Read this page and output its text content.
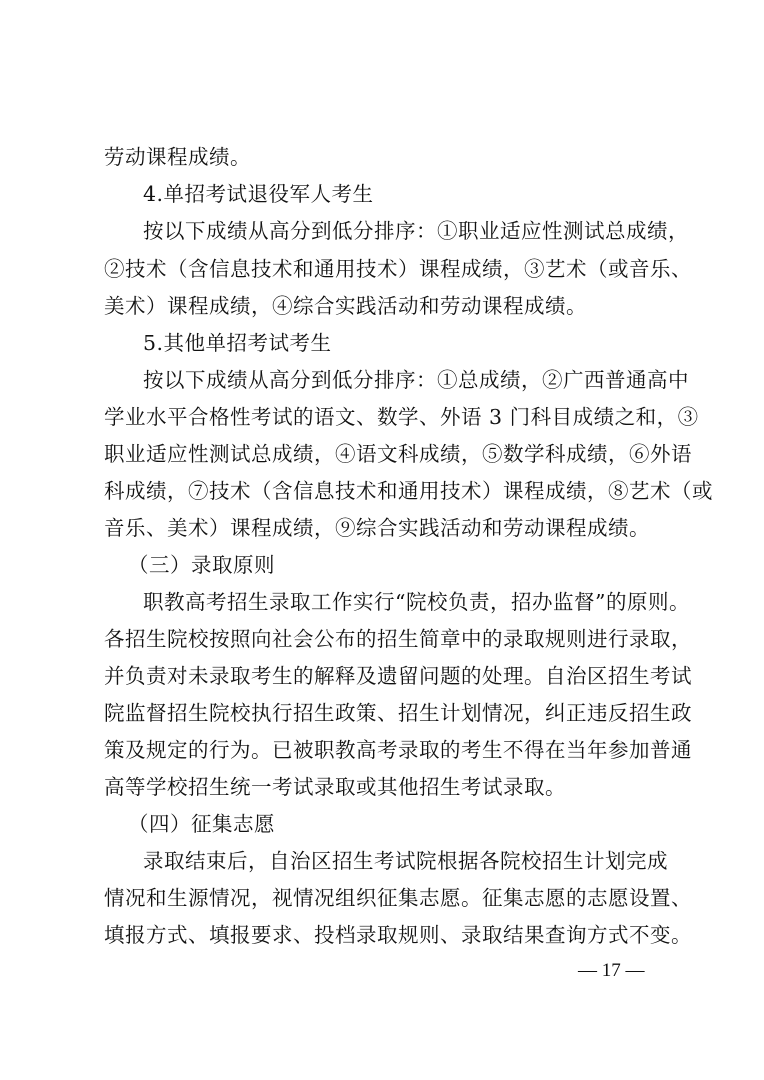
劳动课程成绩。
4.单招考试退役军人考生
按以下成绩从高分到低分排序：①职业适应性测试总成绩，
②技术（含信息技术和通用技术）课程成绩，③艺术（或音乐、
美术）课程成绩，④综合实践活动和劳动课程成绩。
5.其他单招考试考生
按以下成绩从高分到低分排序：①总成绩，②广西普通高中
学业水平合格性考试的语文、数学、外语 3 门科目成绩之和，③
职业适应性测试总成绩，④语文科成绩，⑤数学科成绩，⑥外语
科成绩，⑦技术（含信息技术和通用技术）课程成绩，⑧艺术（或
音乐、美术）课程成绩，⑨综合实践活动和劳动课程成绩。
（三）录取原则
职教高考招生录取工作实行“院校负责，招办监督”的原则。
各招生院校按照向社会公布的招生简章中的录取规则进行录取，
并负责对未录取考生的解释及遗留问题的处理。自治区招生考试
院监督招生院校执行招生政策、招生计划情况，纠正违反招生政
策及规定的行为。已被职教高考录取的考生不得在当年参加普通
高等学校招生统一考试录取或其他招生考试录取。
（四）征集志愿
录取结束后，自治区招生考试院根据各院校招生计划完成
情况和生源情况，视情况组织征集志愿。征集志愿的志愿设置、
填报方式、填报要求、投档录取规则、录取结果查询方式不变。
— 17 —
